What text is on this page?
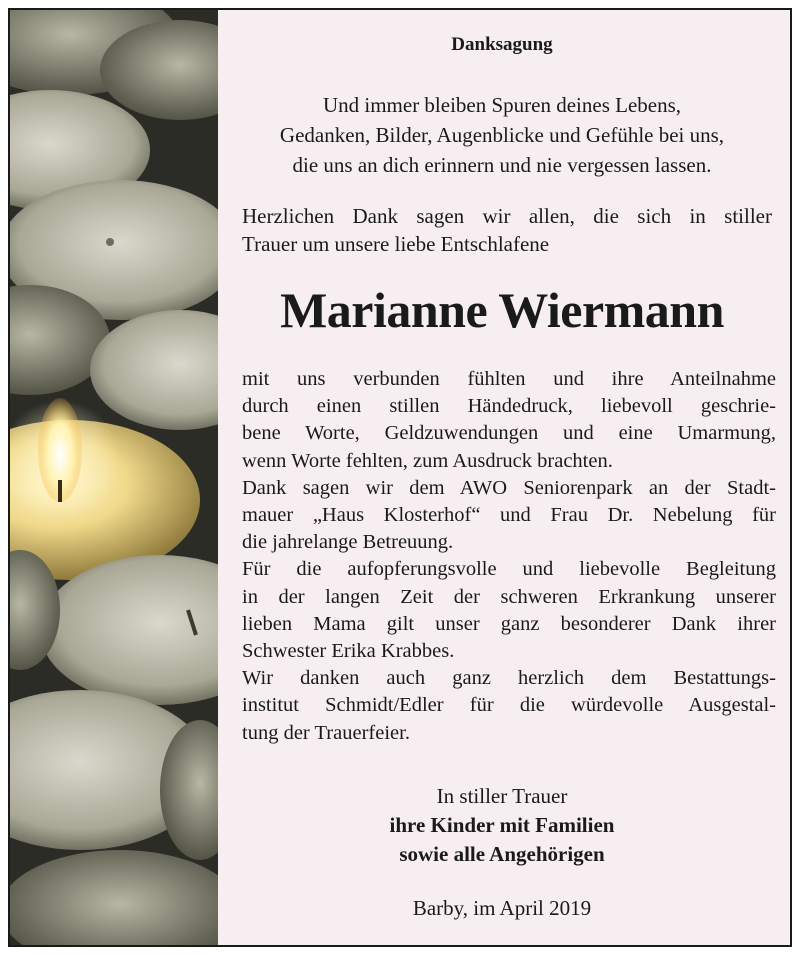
Danksagung
Und immer bleiben Spuren deines Lebens,
Gedanken, Bilder, Augenblicke und Gefühle bei uns,
die uns an dich erinnern und nie vergessen lassen.
Herzlichen Dank sagen wir allen, die sich in stiller
Trauer um unsere liebe Entschlafene
Marianne Wiermann
mit uns verbunden fühlten und ihre Anteilnahme
durch einen stillen Händedruck, liebevoll geschrie-
bene Worte, Geldzuwendungen und eine Umarmung,
wenn Worte fehlten, zum Ausdruck brachten.
Dank sagen wir dem AWO Seniorenpark an der Stadt-
mauer „Haus Klosterhof“ und Frau Dr. Nebelung für
die jahrelange Betreuung.
Für die aufopferungsvolle und liebevolle Begleitung
in der langen Zeit der schweren Erkrankung unserer
lieben Mama gilt unser ganz besonderer Dank ihrer
Schwester Erika Krabbes.
Wir danken auch ganz herzlich dem Bestattungs-
institut Schmidt/Edler für die würdevolle Ausgestal-
tung der Trauerfeier.
In stiller Trauer
ihre Kinder mit Familien
sowie alle Angehörigen
Barby, im April 2019
